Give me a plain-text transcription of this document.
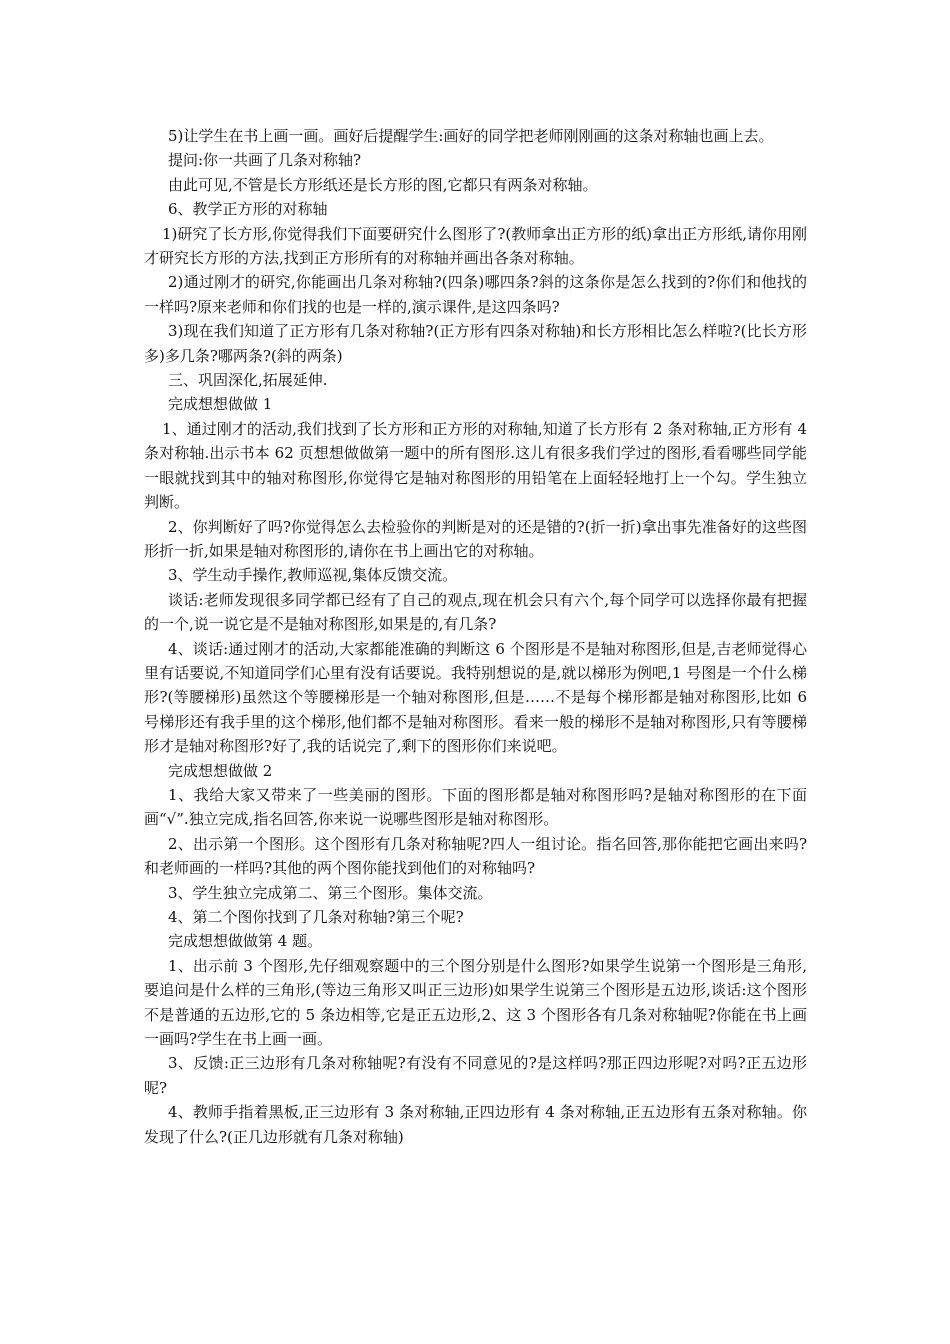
5)让学生在书上画一画。画好后提醒学生:画好的同学把老师刚刚画的这条对称轴也画上去。

提问:你一共画了几条对称轴?

由此可见,不管是长方形纸还是长方形的图,它都只有两条对称轴。

6、教学正方形的对称轴

1)研究了长方形,你觉得我们下面要研究什么图形了?(教师拿出正方形的纸)拿出正方形纸,请你用刚才研究长方形的方法,找到正方形所有的对称轴并画出各条对称轴。

2)通过刚才的研究,你能画出几条对称轴?(四条)哪四条?斜的这条你是怎么找到的?你们和他找的一样吗?原来老师和你们找的也是一样的,演示课件,是这四条吗?

3)现在我们知道了正方形有几条对称轴?(正方形有四条对称轴)和长方形相比怎么样啦?(比长方形多)多几条?哪两条?(斜的两条)

三、巩固深化,拓展延伸.

完成想想做做 1

1、通过刚才的活动,我们找到了长方形和正方形的对称轴,知道了长方形有 2 条对称轴,正方形有 4 条对称轴.出示书本 62 页想想做做第一题中的所有图形.这儿有很多我们学过的图形,看看哪些同学能一眼就找到其中的轴对称图形,你觉得它是轴对称图形的用铅笔在上面轻轻地打上一个勾。学生独立判断。

2、你判断好了吗?你觉得怎么去检验你的判断是对的还是错的?(折一折)拿出事先准备好的这些图形折一折,如果是轴对称图形的,请你在书上画出它的对称轴。

3、学生动手操作,教师巡视,集体反馈交流。

谈话:老师发现很多同学都已经有了自己的观点,现在机会只有六个,每个同学可以选择你最有把握的一个,说一说它是不是轴对称图形,如果是的,有几条?

4、谈话:通过刚才的活动,大家都能准确的判断这 6 个图形是不是轴对称图形,但是,吉老师觉得心里有话要说,不知道同学们心里有没有话要说。我特别想说的是,就以梯形为例吧,1 号图是一个什么梯形?(等腰梯形)虽然这个等腰梯形是一个轴对称图形,但是……不是每个梯形都是轴对称图形,比如 6 号梯形还有我手里的这个梯形,他们都不是轴对称图形。看来一般的梯形不是轴对称图形,只有等腰梯形才是轴对称图形?好了,我的话说完了,剩下的图形你们来说吧。

完成想想做做 2

1、我给大家又带来了一些美丽的图形。下面的图形都是轴对称图形吗?是轴对称图形的在下面画“√”.独立完成,指名回答,你来说一说哪些图形是轴对称图形。

2、出示第一个图形。这个图形有几条对称轴呢?四人一组讨论。指名回答,那你能把它画出来吗?和老师画的一样吗?其他的两个图你能找到他们的对称轴吗?

3、学生独立完成第二、第三个图形。集体交流。

4、第二个图你找到了几条对称轴?第三个呢?

完成想想做做第 4 题。

1、出示前 3 个图形,先仔细观察题中的三个图分别是什么图形?如果学生说第一个图形是三角形,要追问是什么样的三角形,(等边三角形又叫正三边形)如果学生说第三个图形是五边形,谈话:这个图形不是普通的五边形,它的 5 条边相等,它是正五边形,2、这 3 个图形各有几条对称轴呢?你能在书上画一画吗?学生在书上画一画。

3、反馈:正三边形有几条对称轴呢?有没有不同意见的?是这样吗?那正四边形呢?对吗?正五边形呢?

4、教师手指着黑板,正三边形有 3 条对称轴,正四边形有 4 条对称轴,正五边形有五条对称轴。你发现了什么?(正几边形就有几条对称轴)
